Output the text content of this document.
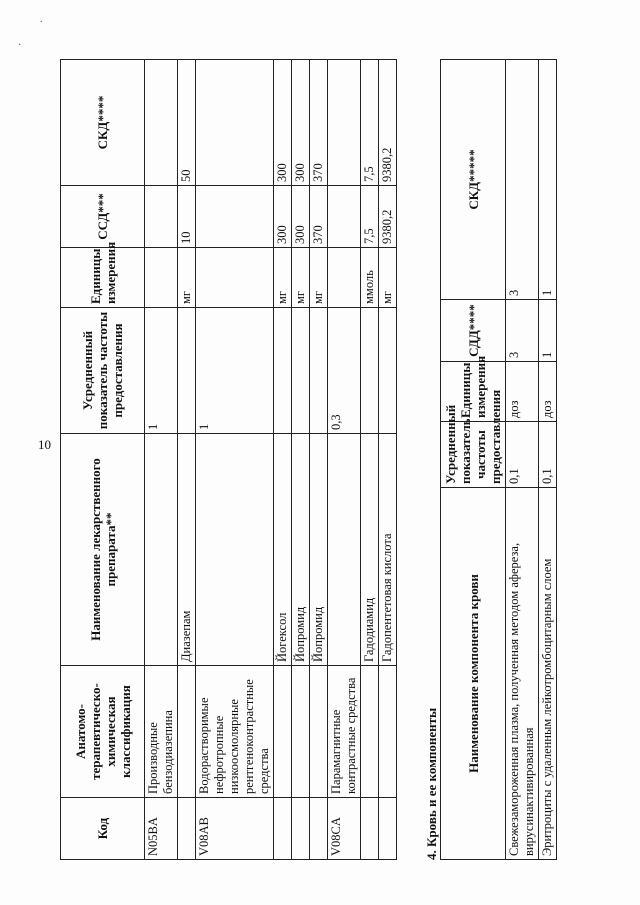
.
·
10
Код	Анатомо-терапевтическо-химическая классификация	Наименование лекарственного препарата**	Усредненный показатель частоты предоставления	Единицы измерения	ССД***	СКД****
N05BA	Производные бензодиазепина		1			
		Диазепам		мг	10	50
V08AB	Водорастворимые нефротропные низкоосмолярные рентгеноконтрастные средства		1			
		Йогексол		мг	300	300
		Йопромид		мг	300	300
		Йопромид		мг	370	370
V08CA	Парамагнитные контрастные средства		0,3			
		Гадодиамид		ммоль	7,5	7,5
		Гадопентетовая кислота		мг	9380,2	9380,2
4. Кровь и ее компоненты
Наименование компонента крови	Усредненный показатель частоты предоставления	Единицы измерения	СДД****	СКД*****
Свежезамороженная плазма, полученная методом афереза, вирусинактивированная	0,1	доз	3	3
Эритроциты с удаленным лейкотромбоцитарным слоем	0,1	доз	1	1
